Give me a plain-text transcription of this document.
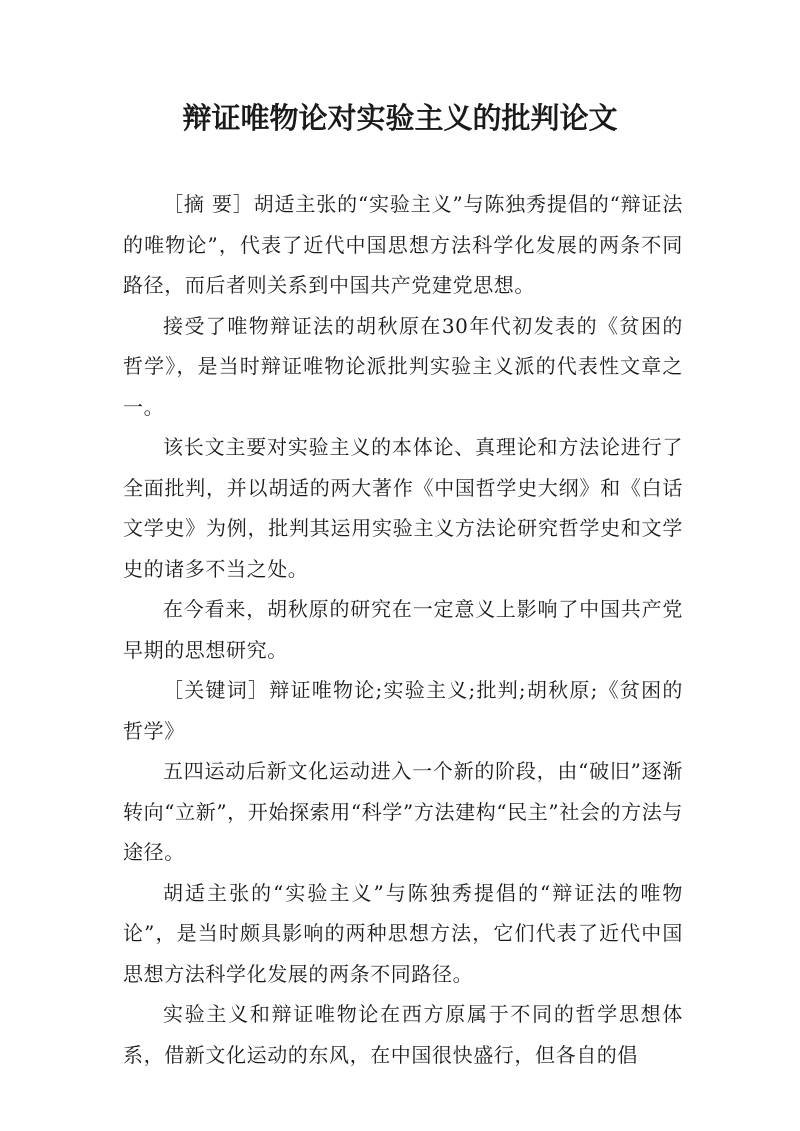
辩证唯物论对实验主义的批判论文

［摘 要］胡适主张的“实验主义”与陈独秀提倡的“辩证法的唯物论”，代表了近代中国思想方法科学化发展的两条不同路径，而后者则关系到中国共产党建党思想。

接受了唯物辩证法的胡秋原在30年代初发表的《贫困的哲学》，是当时辩证唯物论派批判实验主义派的代表性文章之一。

该长文主要对实验主义的本体论、真理论和方法论进行了全面批判，并以胡适的两大著作《中国哲学史大纲》和《白话文学史》为例，批判其运用实验主义方法论研究哲学史和文学史的诸多不当之处。

在今看来，胡秋原的研究在一定意义上影响了中国共产党早期的思想研究。

［关键词］辩证唯物论;实验主义;批判;胡秋原;《贫困的哲学》

五四运动后新文化运动进入一个新的阶段，由“破旧”逐渐转向“立新”，开始探索用“科学”方法建构“民主”社会的方法与途径。

胡适主张的“实验主义”与陈独秀提倡的“辩证法的唯物论”，是当时颇具影响的两种思想方法，它们代表了近代中国思想方法科学化发展的两条不同路径。

实验主义和辩证唯物论在西方原属于不同的哲学思想体系，借新文化运动的东风，在中国很快盛行，但各自的倡
